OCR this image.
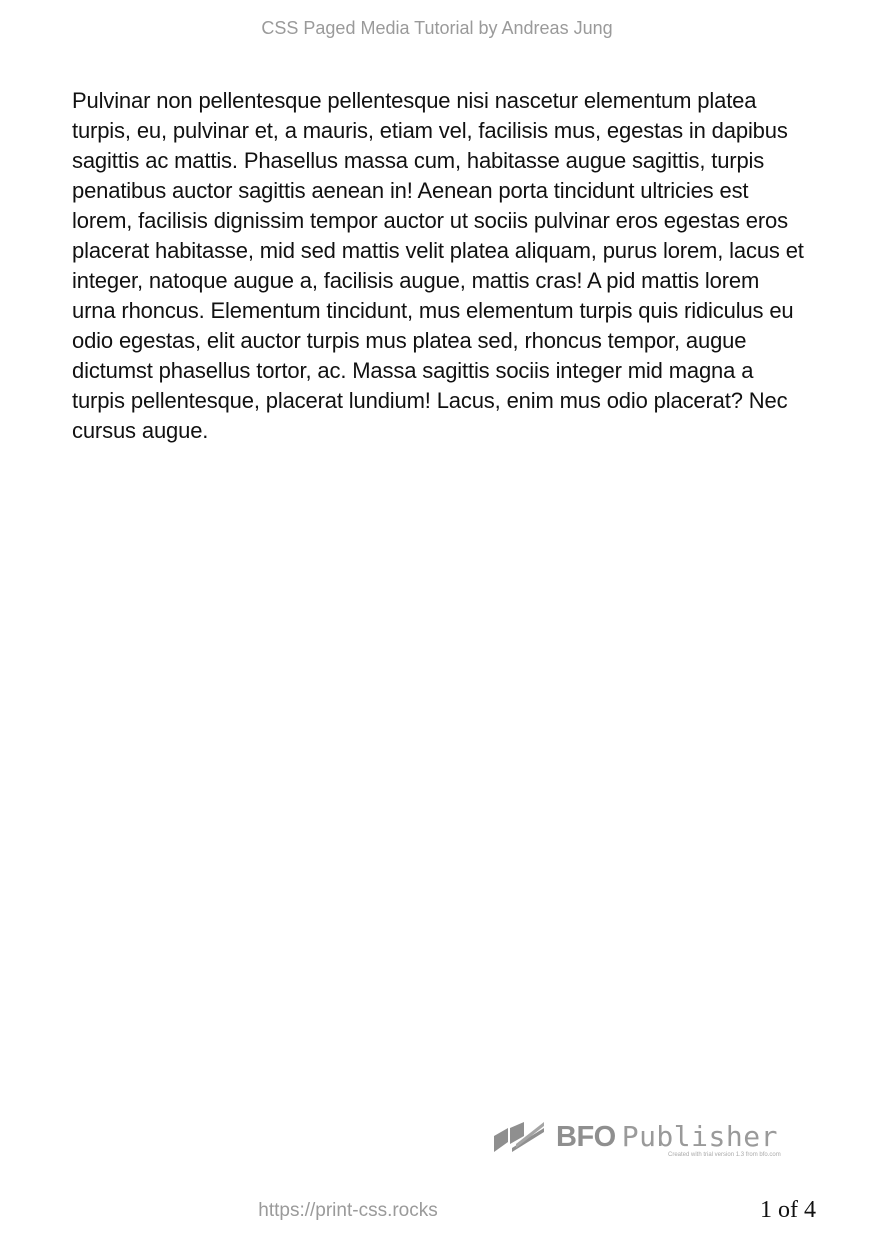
CSS Paged Media Tutorial by Andreas Jung

Pulvinar non pellentesque pellentesque nisi nascetur elementum platea turpis, eu, pulvinar et, a mauris, etiam vel, facilisis mus, egestas in dapibus sagittis ac mattis. Phasellus massa cum, habitasse augue sagittis, turpis penatibus auctor sagittis aenean in! Aenean porta tincidunt ultricies est lorem, facilisis dignissim tempor auctor ut sociis pulvinar eros egestas eros placerat habitasse, mid sed mattis velit platea aliquam, purus lorem, lacus et integer, natoque augue a, facilisis augue, mattis cras! A pid mattis lorem urna rhoncus. Elementum tincidunt, mus elementum turpis quis ridiculus eu odio egestas, elit auctor turpis mus platea sed, rhoncus tempor, augue dictumst phasellus tortor, ac. Massa sagittis sociis integer mid magna a turpis pellentesque, placerat lundium! Lacus, enim mus odio placerat? Nec cursus augue.

BFO Publisher
Created with trial version 1.3 from bfo.com
https://print-css.rocks	1 of 4
